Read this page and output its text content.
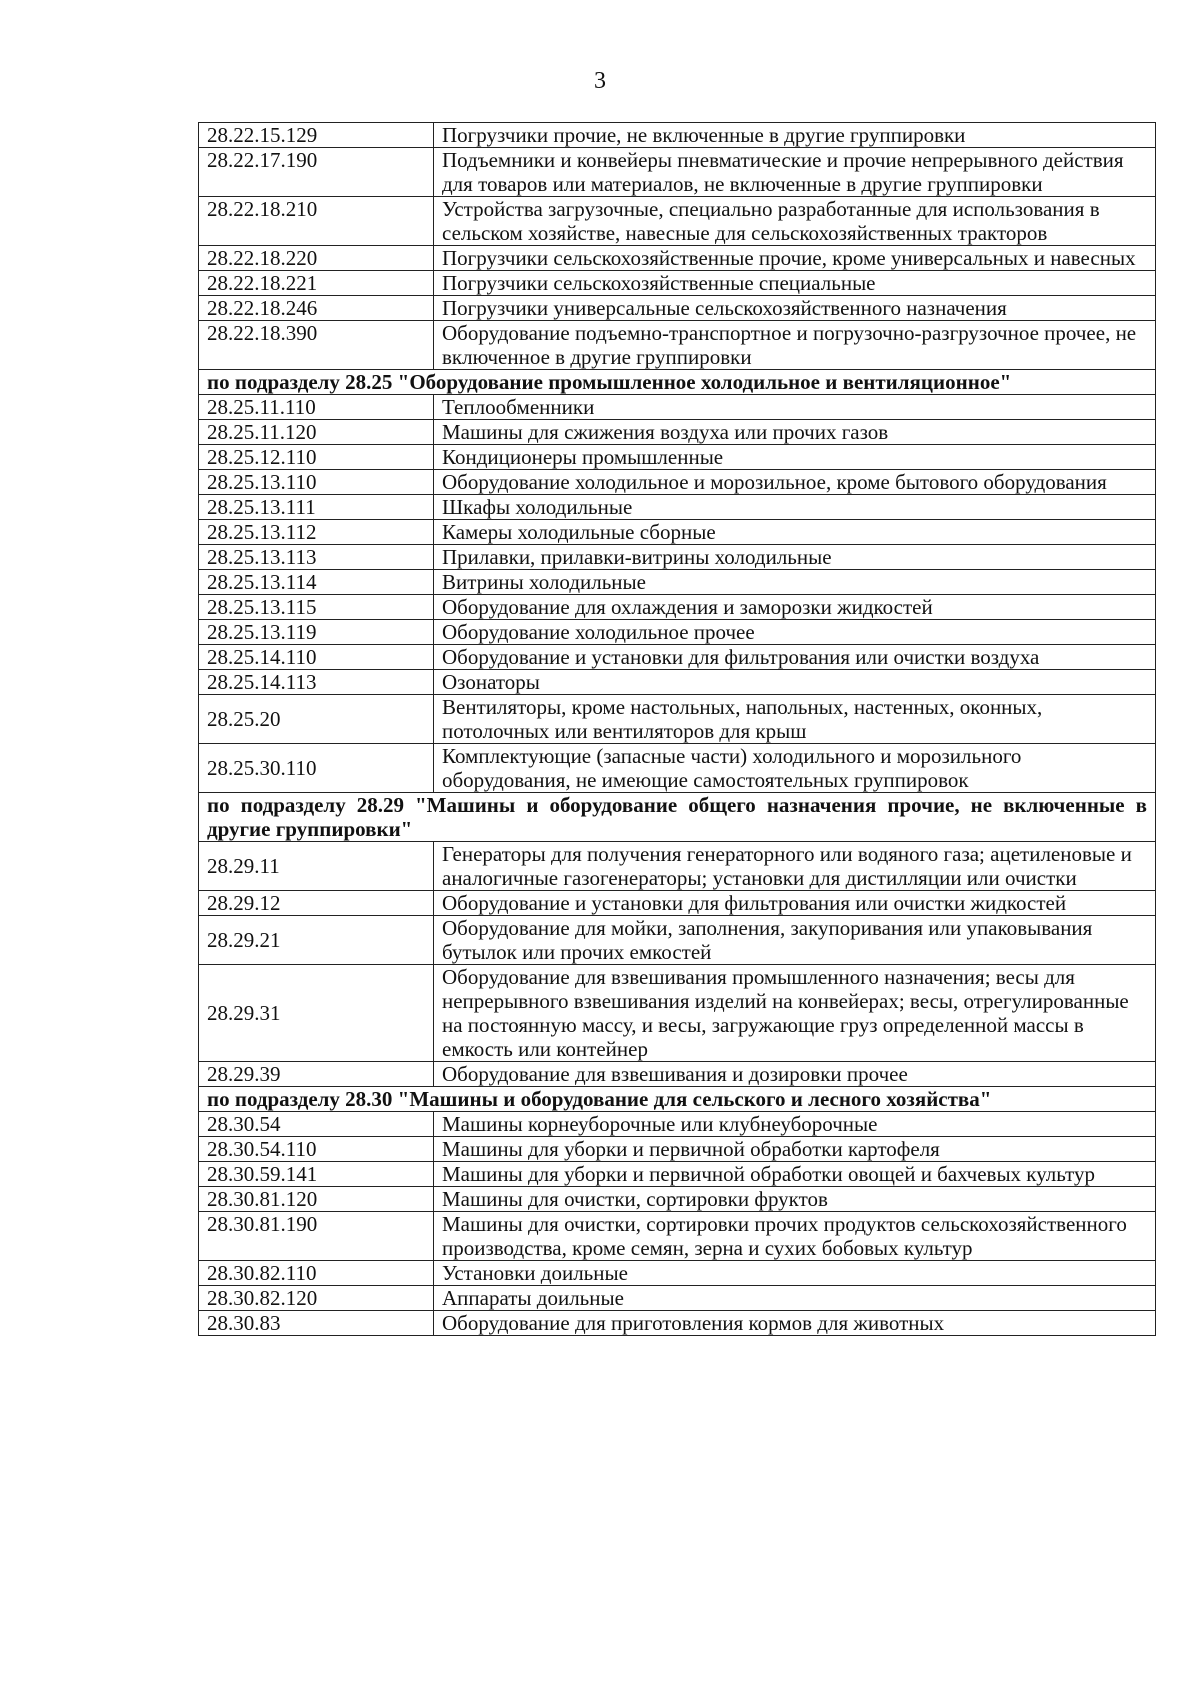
3
28.22.15.129	Погрузчики прочие, не включенные в другие группировки
28.22.17.190	Подъемники и конвейеры пневматические и прочие непрерывного действия для товаров или материалов, не включенные в другие группировки
28.22.18.210	Устройства загрузочные, специально разработанные для использования в сельском хозяйстве, навесные для сельскохозяйственных тракторов
28.22.18.220	Погрузчики сельскохозяйственные прочие, кроме универсальных и навесных
28.22.18.221	Погрузчики сельскохозяйственные специальные
28.22.18.246	Погрузчики универсальные сельскохозяйственного назначения
28.22.18.390	Оборудование подъемно-транспортное и погрузочно-разгрузочное прочее, не включенное в другие группировки
по подразделу 28.25 "Оборудование промышленное холодильное и вентиляционное"	
28.25.11.110	Теплообменники
28.25.11.120	Машины для сжижения воздуха или прочих газов
28.25.12.110	Кондиционеры промышленные
28.25.13.110	Оборудование холодильное и морозильное, кроме бытового оборудования
28.25.13.111	Шкафы холодильные
28.25.13.112	Камеры холодильные сборные
28.25.13.113	Прилавки, прилавки-витрины холодильные
28.25.13.114	Витрины холодильные
28.25.13.115	Оборудование для охлаждения и заморозки жидкостей
28.25.13.119	Оборудование холодильное прочее
28.25.14.110	Оборудование и установки для фильтрования или очистки воздуха
28.25.14.113	Озонаторы
28.25.20	Вентиляторы, кроме настольных, напольных, настенных, оконных, потолочных или вентиляторов для крыш
28.25.30.110	Комплектующие (запасные части) холодильного и морозильного оборудования, не имеющие самостоятельных группировок
по подразделу 28.29 "Машины и оборудование общего назначения прочие, не включенные в другие группировки"	
28.29.11	Генераторы для получения генераторного или водяного газа; ацетиленовые и аналогичные газогенераторы; установки для дистилляции или очистки
28.29.12	Оборудование и установки для фильтрования или очистки жидкостей
28.29.21	Оборудование для мойки, заполнения, закупоривания или упаковывания бутылок или прочих емкостей
28.29.31	Оборудование для взвешивания промышленного назначения; весы для непрерывного взвешивания изделий на конвейерах; весы, отрегулированные на постоянную массу, и весы, загружающие груз определенной массы в емкость или контейнер
28.29.39	Оборудование для взвешивания и дозировки прочее
по подразделу 28.30 "Машины и оборудование для сельского и лесного хозяйства"	
28.30.54	Машины корнеуборочные или клубнеуборочные
28.30.54.110	Машины для уборки и первичной обработки картофеля
28.30.59.141	Машины для уборки и первичной обработки овощей и бахчевых культур
28.30.81.120	Машины для очистки, сортировки фруктов
28.30.81.190	Машины для очистки, сортировки прочих продуктов сельскохозяйственного производства, кроме семян, зерна и сухих бобовых культур
28.30.82.110	Установки доильные
28.30.82.120	Аппараты доильные
28.30.83	Оборудование для приготовления кормов для животных
